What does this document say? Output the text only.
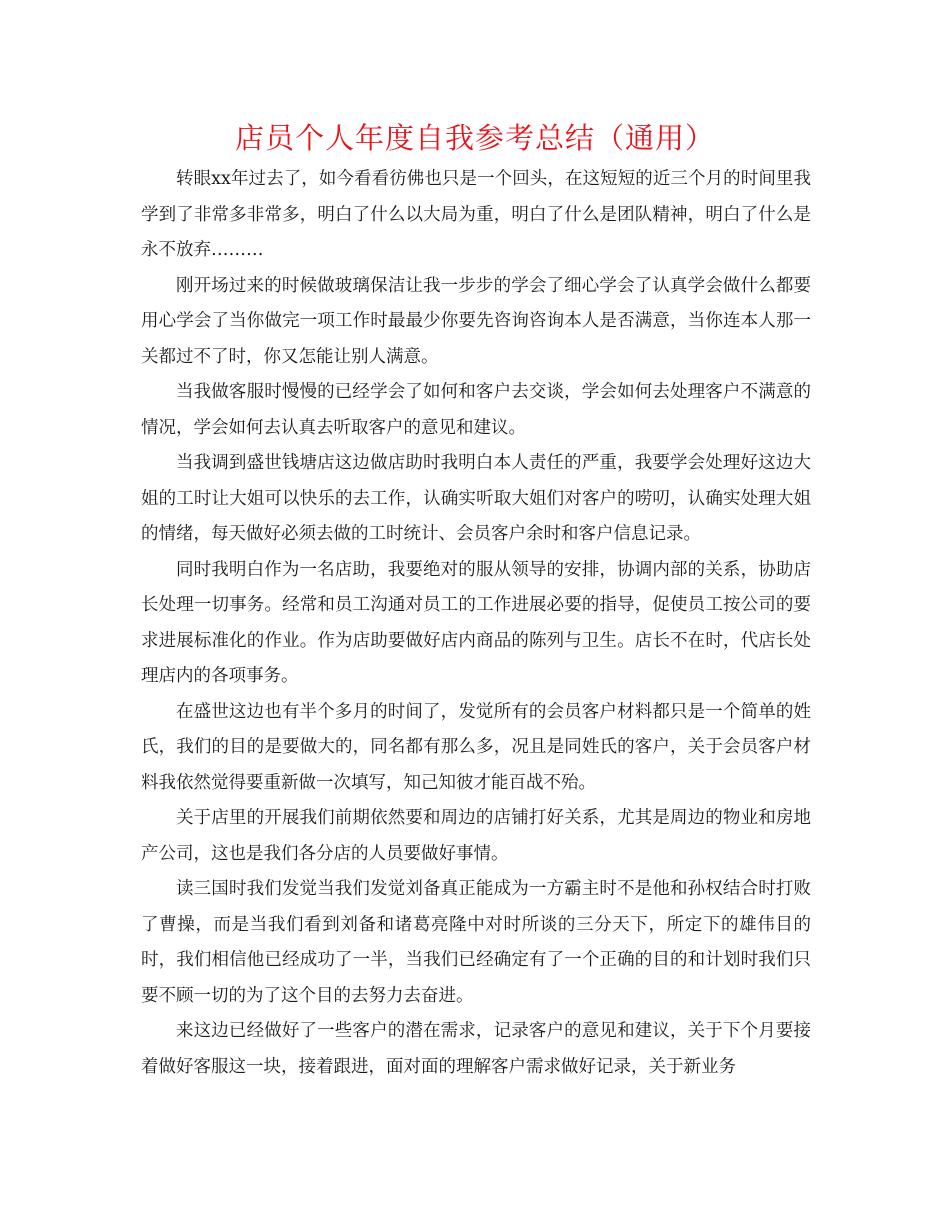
店员个人年度自我参考总结（通用）

转眼xx年过去了，如今看看彷佛也只是一个回头，在这短短的近三个月的时间里我学到了非常多非常多，明白了什么以大局为重，明白了什么是团队精神，明白了什么是永不放弃………

刚开场过来的时候做玻璃保洁让我一步步的学会了细心学会了认真学会做什么都要用心学会了当你做完一项工作时最最少你要先咨询咨询本人是否满意，当你连本人那一关都过不了时，你又怎能让别人满意。

当我做客服时慢慢的已经学会了如何和客户去交谈，学会如何去处理客户不满意的情况，学会如何去认真去听取客户的意见和建议。

当我调到盛世钱塘店这边做店助时我明白本人责任的严重，我要学会处理好这边大姐的工时让大姐可以快乐的去工作，认确实听取大姐们对客户的唠叨，认确实处理大姐的情绪，每天做好必须去做的工时统计、会员客户余时和客户信息记录。

同时我明白作为一名店助，我要绝对的服从领导的安排，协调内部的关系，协助店长处理一切事务。经常和员工沟通对员工的工作进展必要的指导，促使员工按公司的要求进展标准化的作业。作为店助要做好店内商品的陈列与卫生。店长不在时，代店长处理店内的各项事务。

在盛世这边也有半个多月的时间了，发觉所有的会员客户材料都只是一个简单的姓氏，我们的目的是要做大的，同名都有那么多，况且是同姓氏的客户，关于会员客户材料我依然觉得要重新做一次填写，知己知彼才能百战不殆。

关于店里的开展我们前期依然要和周边的店铺打好关系，尤其是周边的物业和房地产公司，这也是我们各分店的人员要做好事情。

读三国时我们发觉当我们发觉刘备真正能成为一方霸主时不是他和孙权结合时打败了曹操，而是当我们看到刘备和诸葛亮隆中对时所谈的三分天下，所定下的雄伟目的时，我们相信他已经成功了一半，当我们已经确定有了一个正确的目的和计划时我们只要不顾一切的为了这个目的去努力去奋进。

来这边已经做好了一些客户的潜在需求，记录客户的意见和建议，关于下个月要接着做好客服这一块，接着跟进，面对面的理解客户需求做好记录，关于新业务
